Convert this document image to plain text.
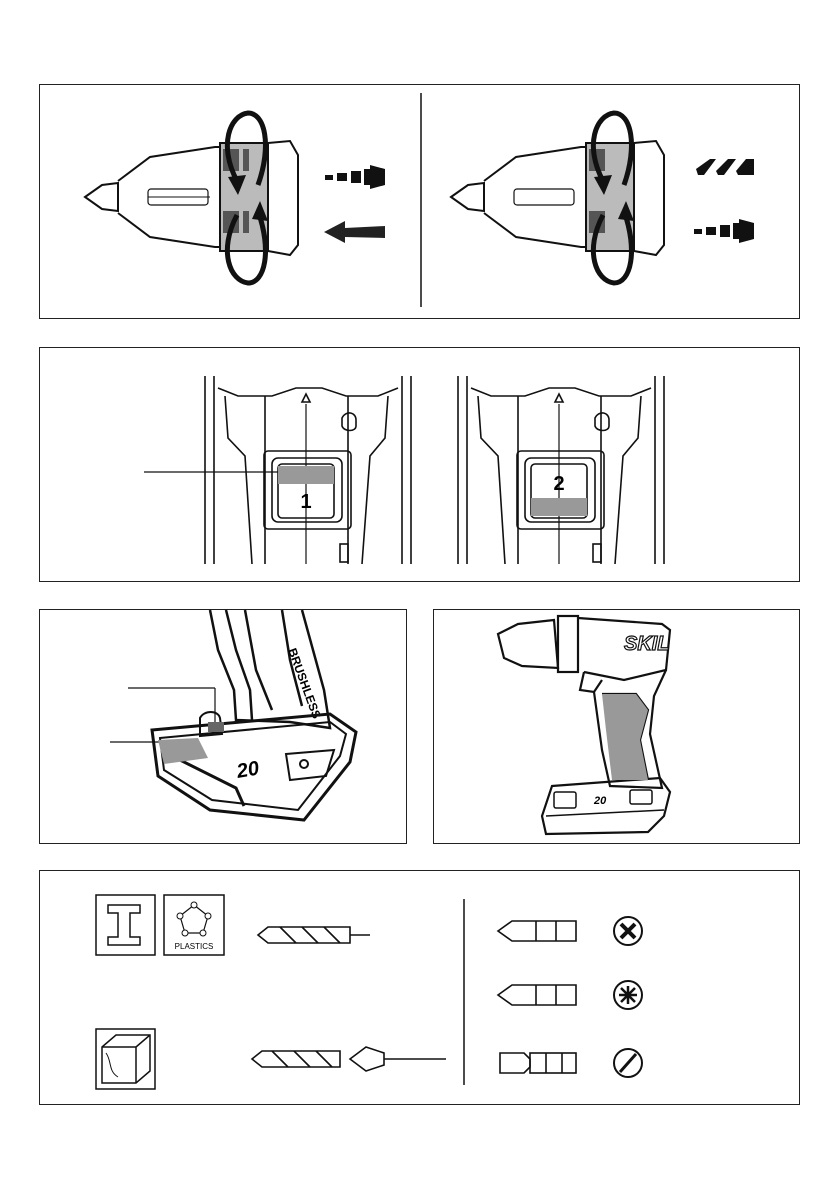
1
2
BRUSHLESS
20
SKIL
20
PLASTICS
